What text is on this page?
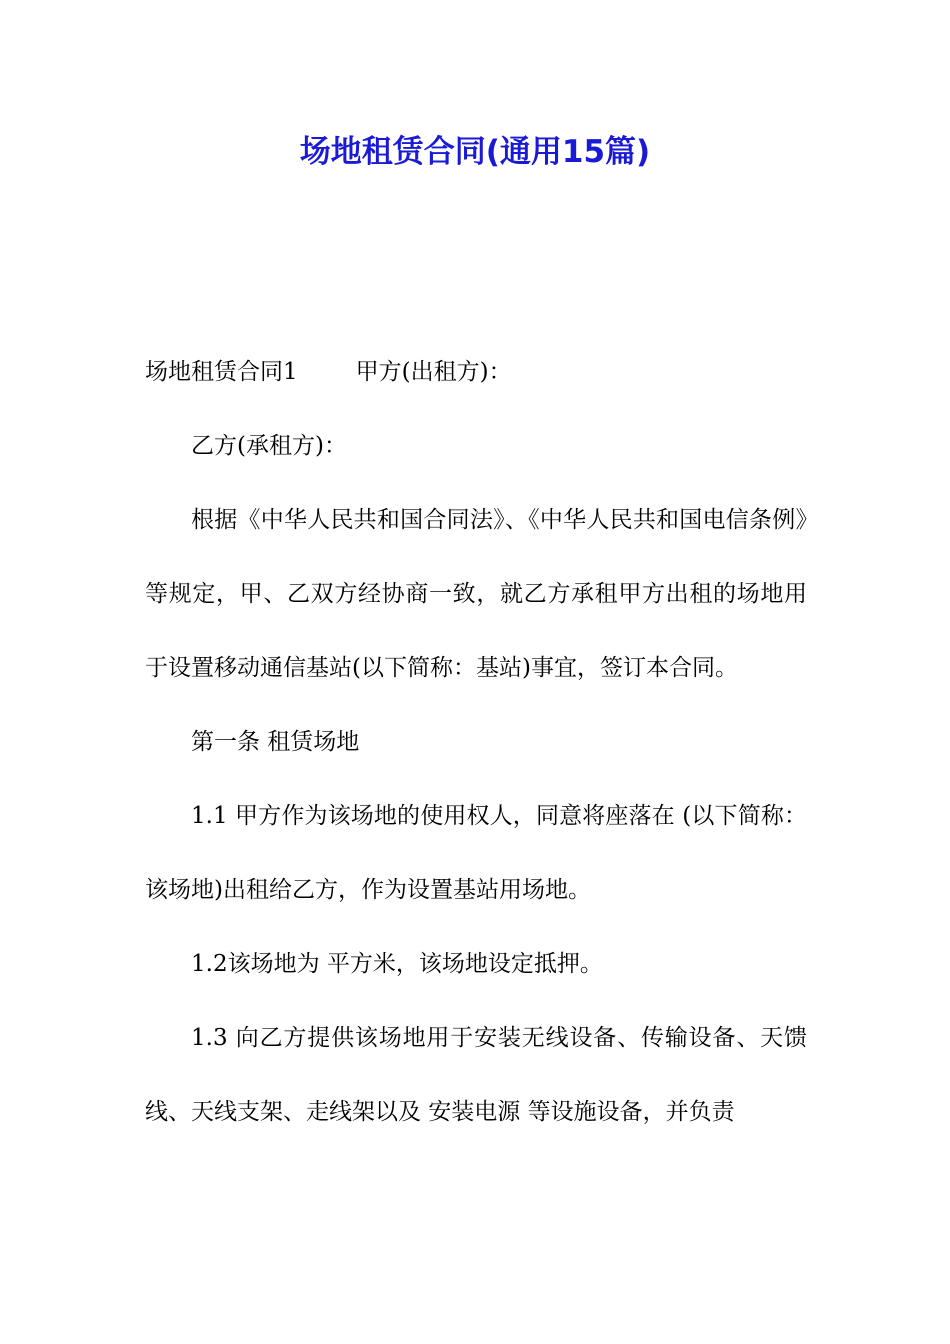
场地租赁合同(通用15篇)

场地租赁合同1	甲方(出租方)：

乙方(承租方)：

根据《中华人民共和国合同法》、《中华人民共和国电信条例》等规定，甲、乙双方经协商一致，就乙方承租甲方出租的场地用于设置移动通信基站(以下简称：基站)事宜，签订本合同。

第一条 租赁场地

1.1 甲方作为该场地的使用权人，同意将座落在 (以下简称：该场地)出租给乙方，作为设置基站用场地。

1.2该场地为 平方米，该场地设定抵押。

1.3 向乙方提供该场地用于安装无线设备、传输设备、天馈线、天线支架、走线架以及 安装电源 等设施设备，并负责
